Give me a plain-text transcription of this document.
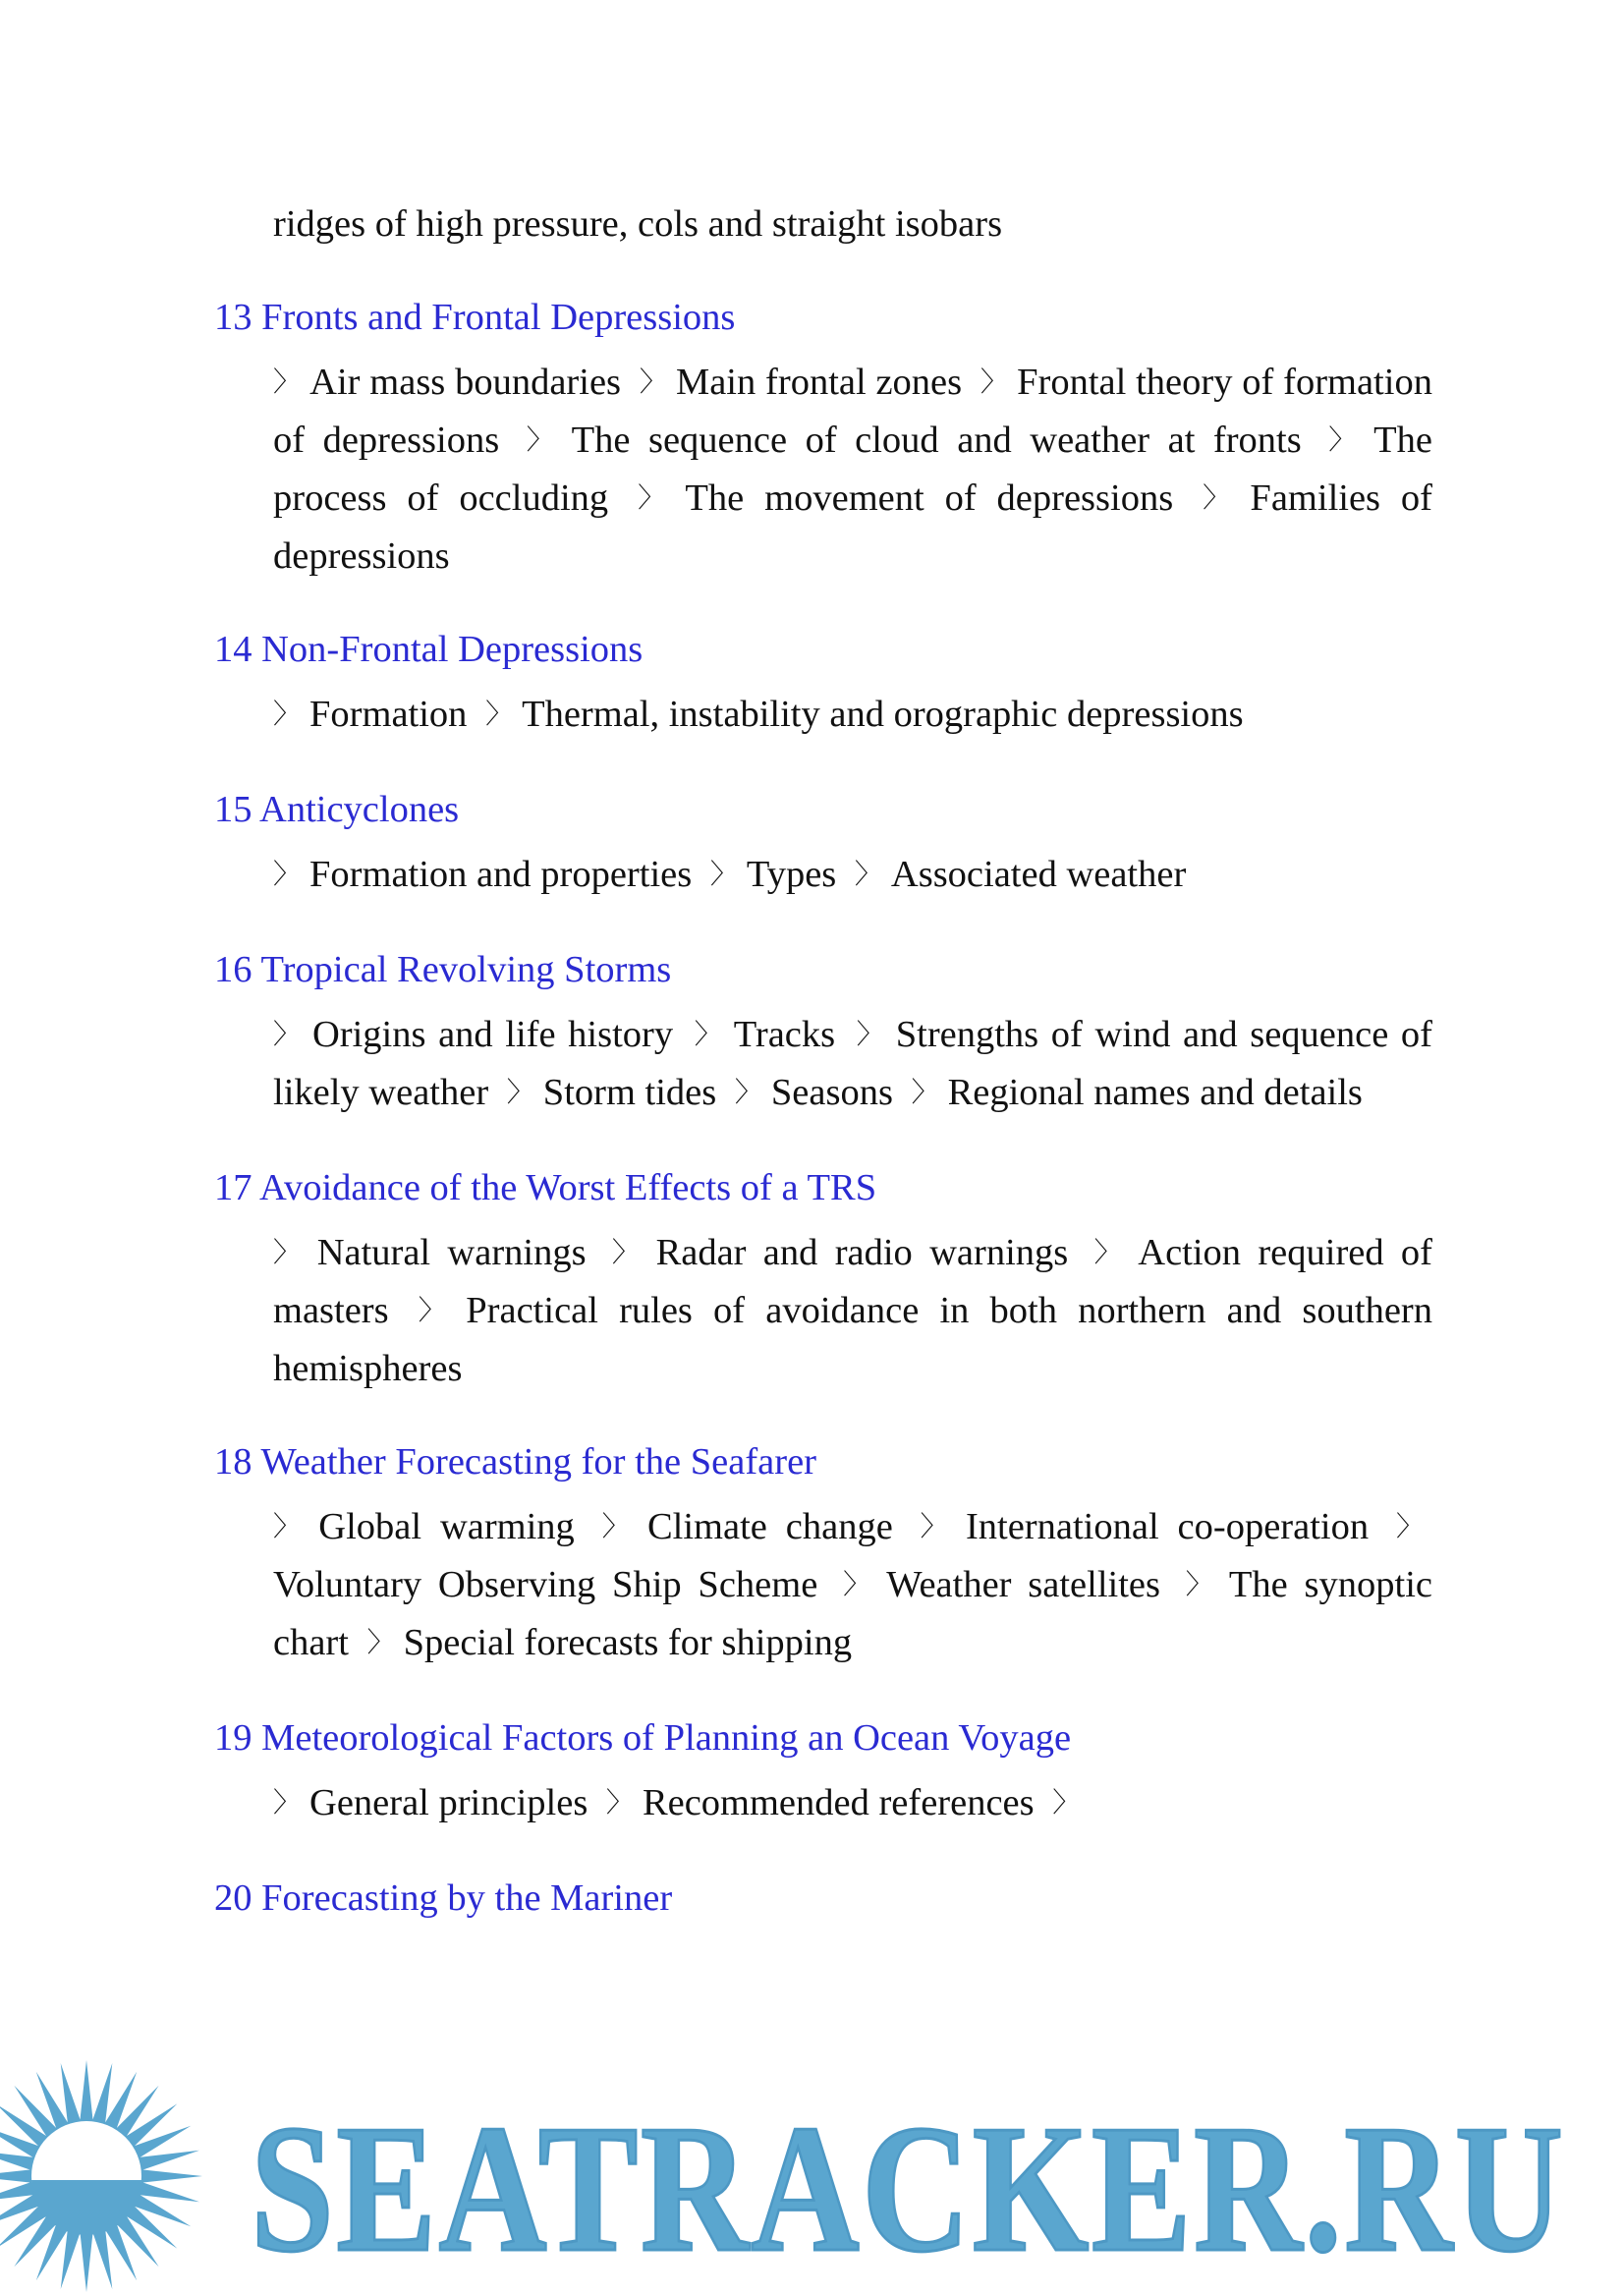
ridges of high pressure, cols and straight isobars
13 Fronts and Frontal Depressions
〉 Air mass boundaries 〉 Main frontal zones 〉 Frontal theory of formation of depressions 〉 The sequence of cloud and weather at fronts 〉 The process of occluding 〉 The movement of depressions 〉 Families of depressions
14 Non-Frontal Depressions
〉 Formation 〉 Thermal, instability and orographic depressions
15 Anticyclones
〉 Formation and properties 〉 Types 〉 Associated weather
16 Tropical Revolving Storms
〉 Origins and life history 〉 Tracks 〉 Strengths of wind and sequence of likely weather 〉 Storm tides 〉 Seasons 〉 Regional names and details
17 Avoidance of the Worst Effects of a TRS
〉 Natural warnings 〉 Radar and radio warnings 〉 Action required of masters 〉 Practical rules of avoidance in both northern and southern hemispheres
18 Weather Forecasting for the Seafarer
〉 Global warming 〉 Climate change 〉 International co-operation 〉Voluntary Observing Ship Scheme 〉 Weather satellites 〉 The synoptic chart 〉 Special forecasts for shipping
19 Meteorological Factors of Planning an Ocean Voyage
〉 General principles 〉 Recommended references 〉
20 Forecasting by the Mariner
SEATRACKER.RU
